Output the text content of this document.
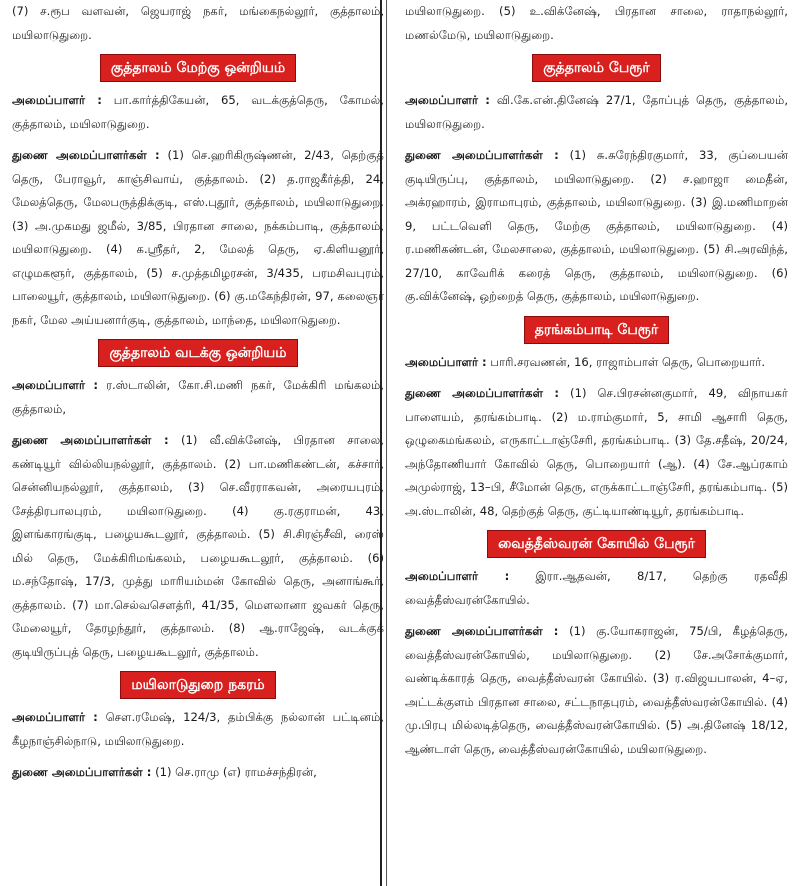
(7) ச.ரூப வளவன், ஜெயராஜ் நகர், மங்கைநல்லூர், குத்தாலம், மயிலாடுதுறை.

குத்தாலம் மேற்கு ஒன்றியம்

அமைப்பாளர் : பா.கார்த்திகேயன், 65, வடக்குத்தெரு, கோமல், குத்தாலம், மயிலாடுதுறை.

துணை அமைப்பாளர்கள் : (1) செ.ஹரிகிருஷ்ணன், 2/43, தெற்குத் தெரு, பேராவூர், காஞ்சிவாய், குத்தாலம். (2) த.ராஜகீர்த்தி, 24, மேலத்தெரு, மேலபருத்திக்குடி, எஸ்.புதூர், குத்தாலம், மயிலாடுதுறை. (3) அ.முகமது ஜமீல், 3/85, பிரதான சாலை, நக்கம்பாடி, குத்தாலம், மயிலாடுதுறை. (4) க.ஸ்ரீதர், 2, மேலத் தெரு, ஏ.கிளியனூர், எழுமகளூர், குத்தாலம், (5) ச.முத்தமிழரசன், 3/435, பரமசிவபுரம், பாலையூர், குத்தாலம், மயிலாடுதுறை. (6) கு.மகேந்திரன், 97, கலைஞர் நகர், மேல அய்யனார்குடி, குத்தாலம், மாந்தை, மயிலாடுதுறை.

குத்தாலம் வடக்கு ஒன்றியம்

அமைப்பாளர் : ர.ஸ்டாலின், கோ.சி.மணி நகர், மேக்கிரி மங்கலம், குத்தாலம்,

துணை அமைப்பாளர்கள் : (1) வீ.விக்னேஷ், பிரதான சாலை, கண்டியூர் வில்லியநல்லூர், குத்தாலம். (2) பா.மணிகண்டன், கச்சார், சென்னியநல்லூர், குத்தாலம், (3) செ.வீரராகவன், அரையபுரம், சேத்திரபாலபுரம், மயிலாடுதுறை. (4) கு.ரகுராமன், 43, இளங்காரங்குடி, பழையகூடலூர், குத்தாலம். (5) சி.சிரஞ்சீவி, ரைஸ் மில் தெரு, மேக்கிரிமங்கலம், பழையகூடலூர், குத்தாலம். (6) ம.சந்தோஷ், 17/3, முத்து மாரியம்மன் கோவில் தெரு, அனாங்கூர், குத்தாலம். (7) மா.செல்வசௌத்ரி, 41/35, மௌலானா ஜவகர் தெரு, மேலையூர், தேரழந்தூர், குத்தாலம். (8) ஆ.ராஜேஷ், வடக்குக் குடியிருப்புத் தெரு, பழையகூடலூர், குத்தாலம்.

மயிலாடுதுறை நகரம்

அமைப்பாளர் : சௌ.ரமேஷ், 124/3, தம்பிக்கு நல்லான் பட்டினம், கீழநாஞ்சில்நாடு, மயிலாடுதுறை.

துணை அமைப்பாளர்கள் : (1) செ.ராமு (எ) ராமச்சந்திரன்,

மயிலாடுதுறை. (5) உ.விக்னேஷ், பிரதான சாலை, ராதாநல்லூர், மணல்மேடு, மயிலாடுதுறை.

குத்தாலம் பேரூர்

அமைப்பாளர் : வி.கே.என்.தினேஷ் 27/1, தோப்புத் தெரு, குத்தாலம், மயிலாடுதுறை.

துணை அமைப்பாளர்கள் : (1) சு.சுரேந்திரகுமார், 33, குப்பையன் குடியிருப்பு, குத்தாலம், மயிலாடுதுறை. (2) ச.ஹாஜா மைதீன், அக்ரஹாரம், இராமாபுரம், குத்தாலம், மயிலாடுதுறை. (3) இ.மணிமாறன் 9, பட்டவெளி தெரு, மேற்கு குத்தாலம், மயிலாடுதுறை. (4) ர.மணிகண்டன், மேலசாலை, குத்தாலம், மயிலாடுதுறை. (5) சி.அரவிந்த், 27/10, காவேரிக் கரைத் தெரு, குத்தாலம், மயிலாடுதுறை. (6) கு.விக்னேஷ், ஒற்றைத் தெரு, குத்தாலம், மயிலாடுதுறை.

தரங்கம்பாடி பேரூர்

அமைப்பாளர் : பாரி.சரவணன், 16, ராஜாம்பாள் தெரு, பொறையார்.

துணை அமைப்பாளர்கள் : (1) செ.பிரசன்னகுமார், 49, விநாயகர் பாளையம், தரங்கம்பாடி. (2) ம.ராம்குமார், 5, சாமி ஆசாரி தெரு, ஒழுகைமங்கலம், எருகாட்டாஞ்சேரி, தரங்கம்பாடி. (3) தே.சதீஷ், 20/24, அந்தோணியார் கோவில் தெரு, பொறையார் (ஆ). (4) சே.ஆப்ரகாம் அமுல்ராஜ், 13–பி, சீமோன் தெரு, எருக்காட்டாஞ்சேரி, தரங்கம்பாடி. (5) அ.ஸ்டாலின், 48, தெற்குத் தெரு, குட்டியாண்டியூர், தரங்கம்பாடி.

வைத்தீஸ்வரன் கோயில் பேரூர்

அமைப்பாளர் : இரா.ஆதவன், 8/17, தெற்கு ரதவீதி வைத்தீஸ்வரன்கோயில்.

துணை அமைப்பாளர்கள் : (1) கு.யோகராஜன், 75/பி, கீழத்தெரு, வைத்தீஸ்வரன்கோயில், மயிலாடுதுறை. (2) சே.அசோக்குமார், வண்டிக்காரத் தெரு, வைத்தீஸ்வரன் கோயில். (3) ர.விஜயபாலன், 4–ஏ, அட்டக்குளம் பிரதான சாலை, சட்டநாதபுரம், வைத்தீஸ்வரன்கோயில். (4) மு.பிரபு மில்லடித்தெரு, வைத்தீஸ்வரன்கோயில். (5) அ.தினேஷ் 18/12, ஆண்டாள் தெரு, வைத்தீஸ்வரன்கோயில், மயிலாடுதுறை.
